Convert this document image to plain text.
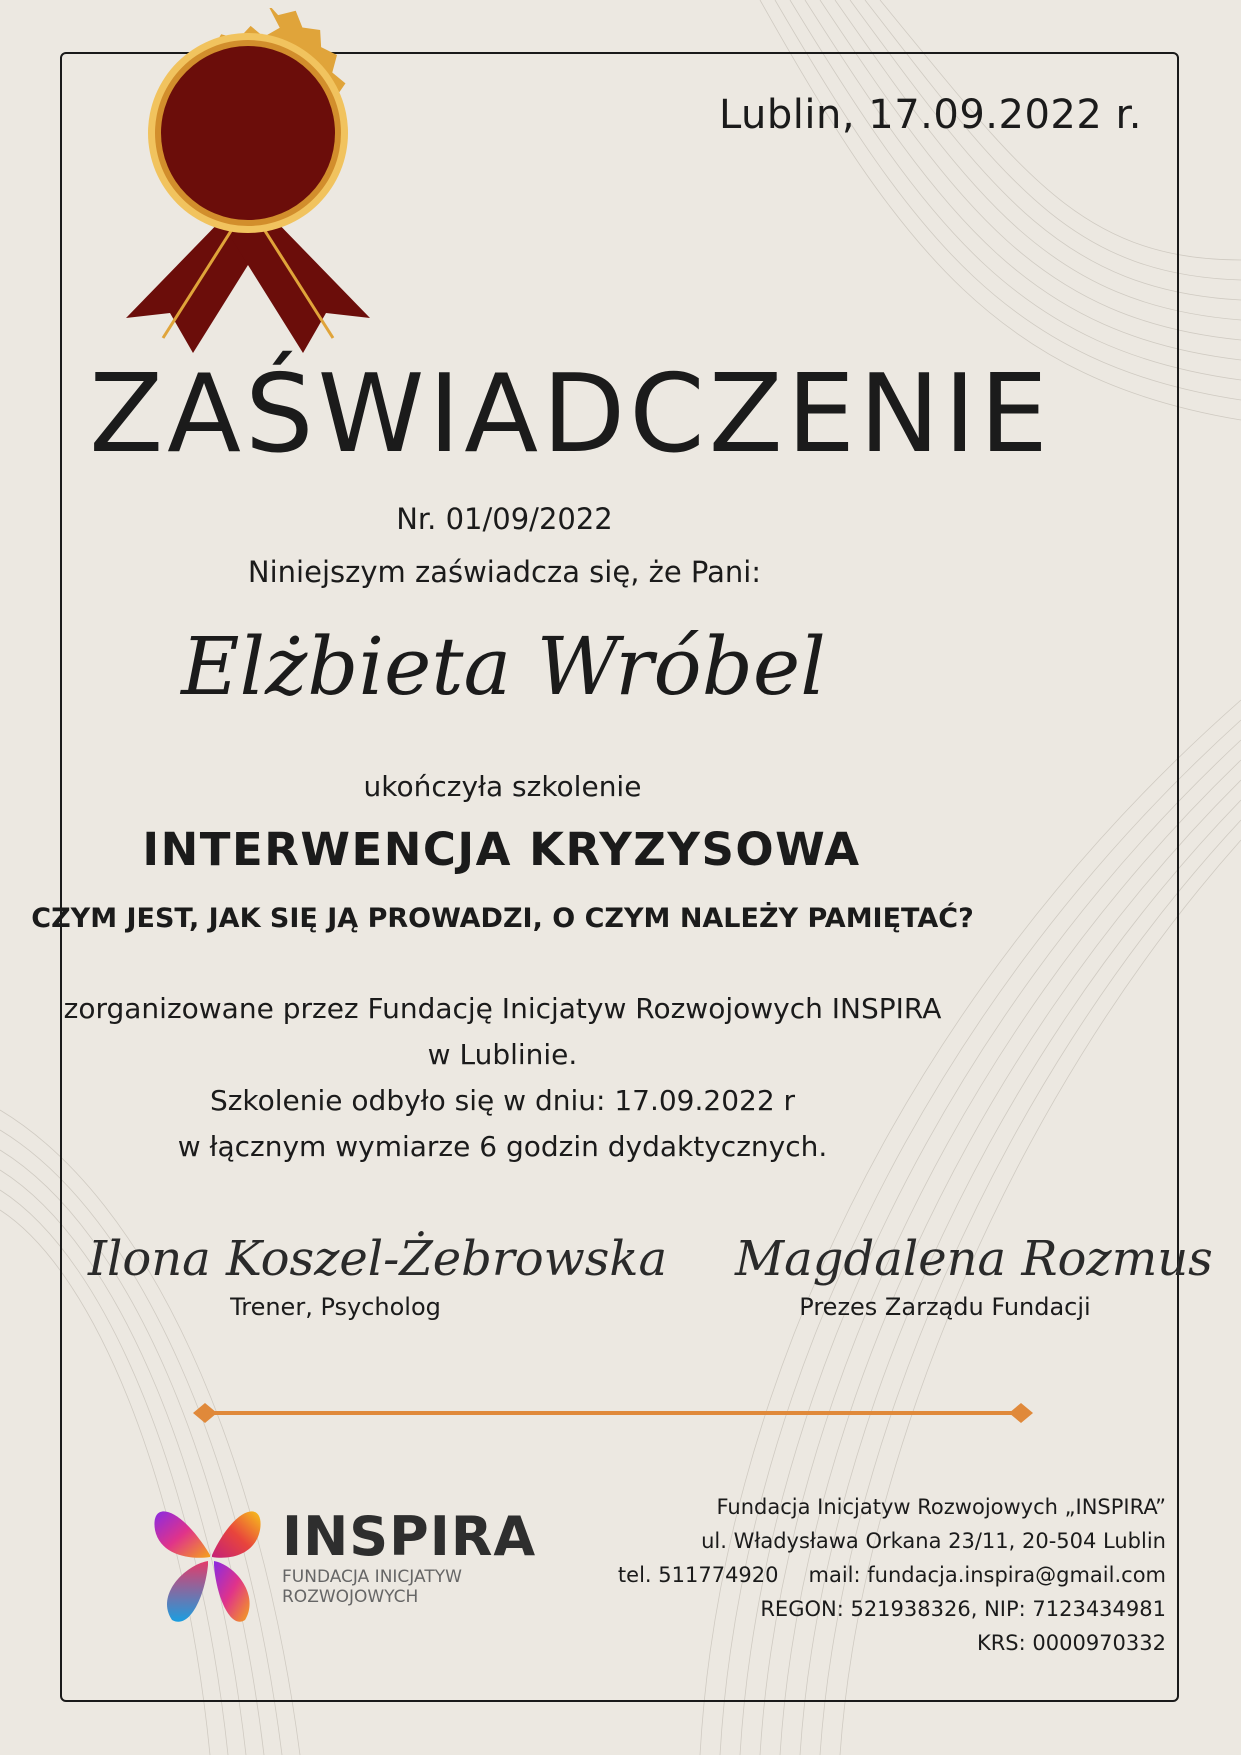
Lublin, 17.09.2022 r.
ZAŚWIADCZENIE
Nr. 01/09/2022
Niniejszym zaświadcza się, że Pani:
Elżbieta Wróbel
ukończyła szkolenie
INTERWENCJA KRYZYSOWA
CZYM JEST, JAK SIĘ JĄ PROWADZI, O CZYM NALEŻY PAMIĘTAĆ?
zorganizowane przez Fundację Inicjatyw Rozwojowych INSPIRA
w Lublinie.
Szkolenie odbyło się w dniu: 17.09.2022 r
w łącznym wymiarze 6 godzin dydaktycznych.
Ilona Koszel-Żebrowska
Trener, Psycholog
Magdalena Rozmus
Prezes Zarządu Fundacji
INSPIRA
FUNDACJA INICJATYW
ROZWOJOWYCH
Fundacja Inicjatyw Rozwojowych „INSPIRA”
ul. Władysława Orkana 23/11, 20-504 Lublin
tel. 511774920 mail: fundacja.inspira@gmail.com
REGON: 521938326, NIP: 7123434981
KRS: 0000970332
